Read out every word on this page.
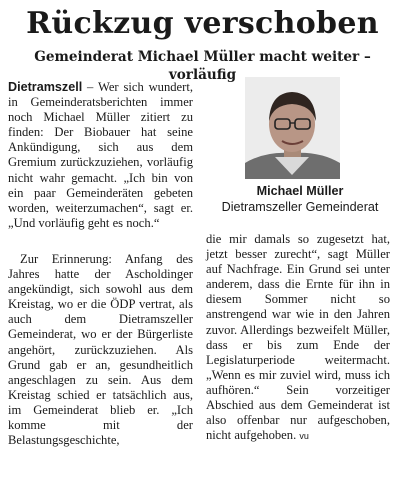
Rückzug verschoben
Gemeinderat Michael Müller macht weiter – vorläufig

Dietramszell – Wer sich wundert, in Gemeinderatsberichten immer noch Michael Müller zitiert zu finden: Der Biobauer hat seine Ankündigung, sich aus dem Gremium zurückzuziehen, vorläufig nicht wahr gemacht. „Ich bin von ein paar Gemeinderäten gebeten worden, weiterzumachen“, sagt er. „Und vorläufig geht es noch.“

Michael Müller
Dietramszeller Gemeinderat

Zur Erinnerung: Anfang des Jahres hatte der Ascholdinger angekündigt, sich sowohl aus dem Kreistag, wo er die ÖDP vertrat, als auch dem Dietramszeller Gemeinderat, wo er der Bürgerliste angehört, zurückzuziehen. Als Grund gab er an, gesundheitlich angeschlagen zu sein. Aus dem Kreistag schied er tatsächlich aus, im Gemeinderat blieb er. „Ich komme mit der Belastungsgeschichte,

die mir damals so zugesetzt hat, jetzt besser zurecht“, sagt Müller auf Nachfrage. Ein Grund sei unter anderem, dass die Ernte für ihn in diesem Sommer nicht so anstrengend war wie in den Jahren zuvor. Allerdings bezweifelt Müller, dass er bis zum Ende der Legislaturperiode weitermacht. „Wenn es mir zuviel wird, muss ich aufhören.“ Sein vorzeitiger Abschied aus dem Gemeinderat ist also offenbar nur aufgeschoben, nicht aufgehoben. vu
